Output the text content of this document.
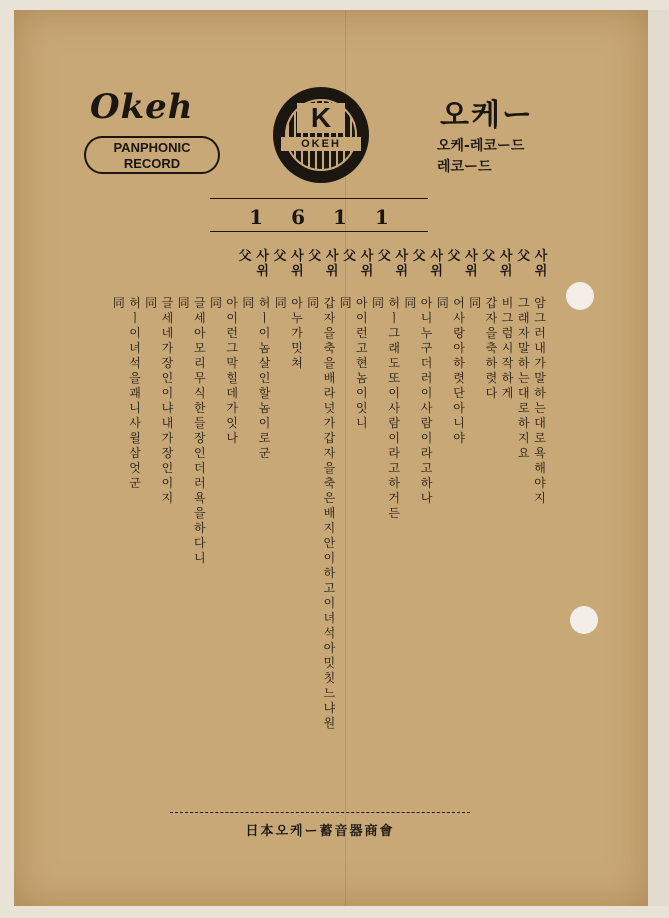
Okeh
PANPHONIC
RECORD
K
OKEH
오케ー
오케-레코ー드
레코ー드
1611
사
위
父
사
위
父
사
위
父
사
위
父
사
위
父
사
위
父
사
위
父
사
위
父
사
위
父
암
그
러
내
가
말
하
는
대
로
욕
해
야
지
그
래
자
말
하
는
대
로
하
지
요
비
그
럼
시
작
하
게
갑
자
을
축
하
렷
다
同
어
사
랑
아
하
렷
단
아
니
야
同
아
니
누
구
더
러
이
사
람
이
라
고
하
나
同
허
ㅣ
그
래
도
또
이
사
람
이
라
고
하
거
든
同
아
이
런
고
현
놈
이
잇
니
同
갑
자
을
축
을
배
라
넛
가
갑
자
을
축
은
배
지
안
이
하
고
이
녀
석
아
밋
칫
느
냐
원
同
아
누
가
밋
쳐
同
허
ㅣ
이
놈
살
인
할
놈
이
로
군
同
아
이
런
그
막
힐
데
가
잇
나
同
글
세
아
모
리
무
식
한
들
장
인
더
러
욕
을
하
다
니
同
글
세
네
가
장
인
이
냐
내
가
장
인
이
지
同
허
ㅣ
이
녀
석
을
괘
니
사
윌
삼
엇
군
同
日本오케ー蓄音器商會
